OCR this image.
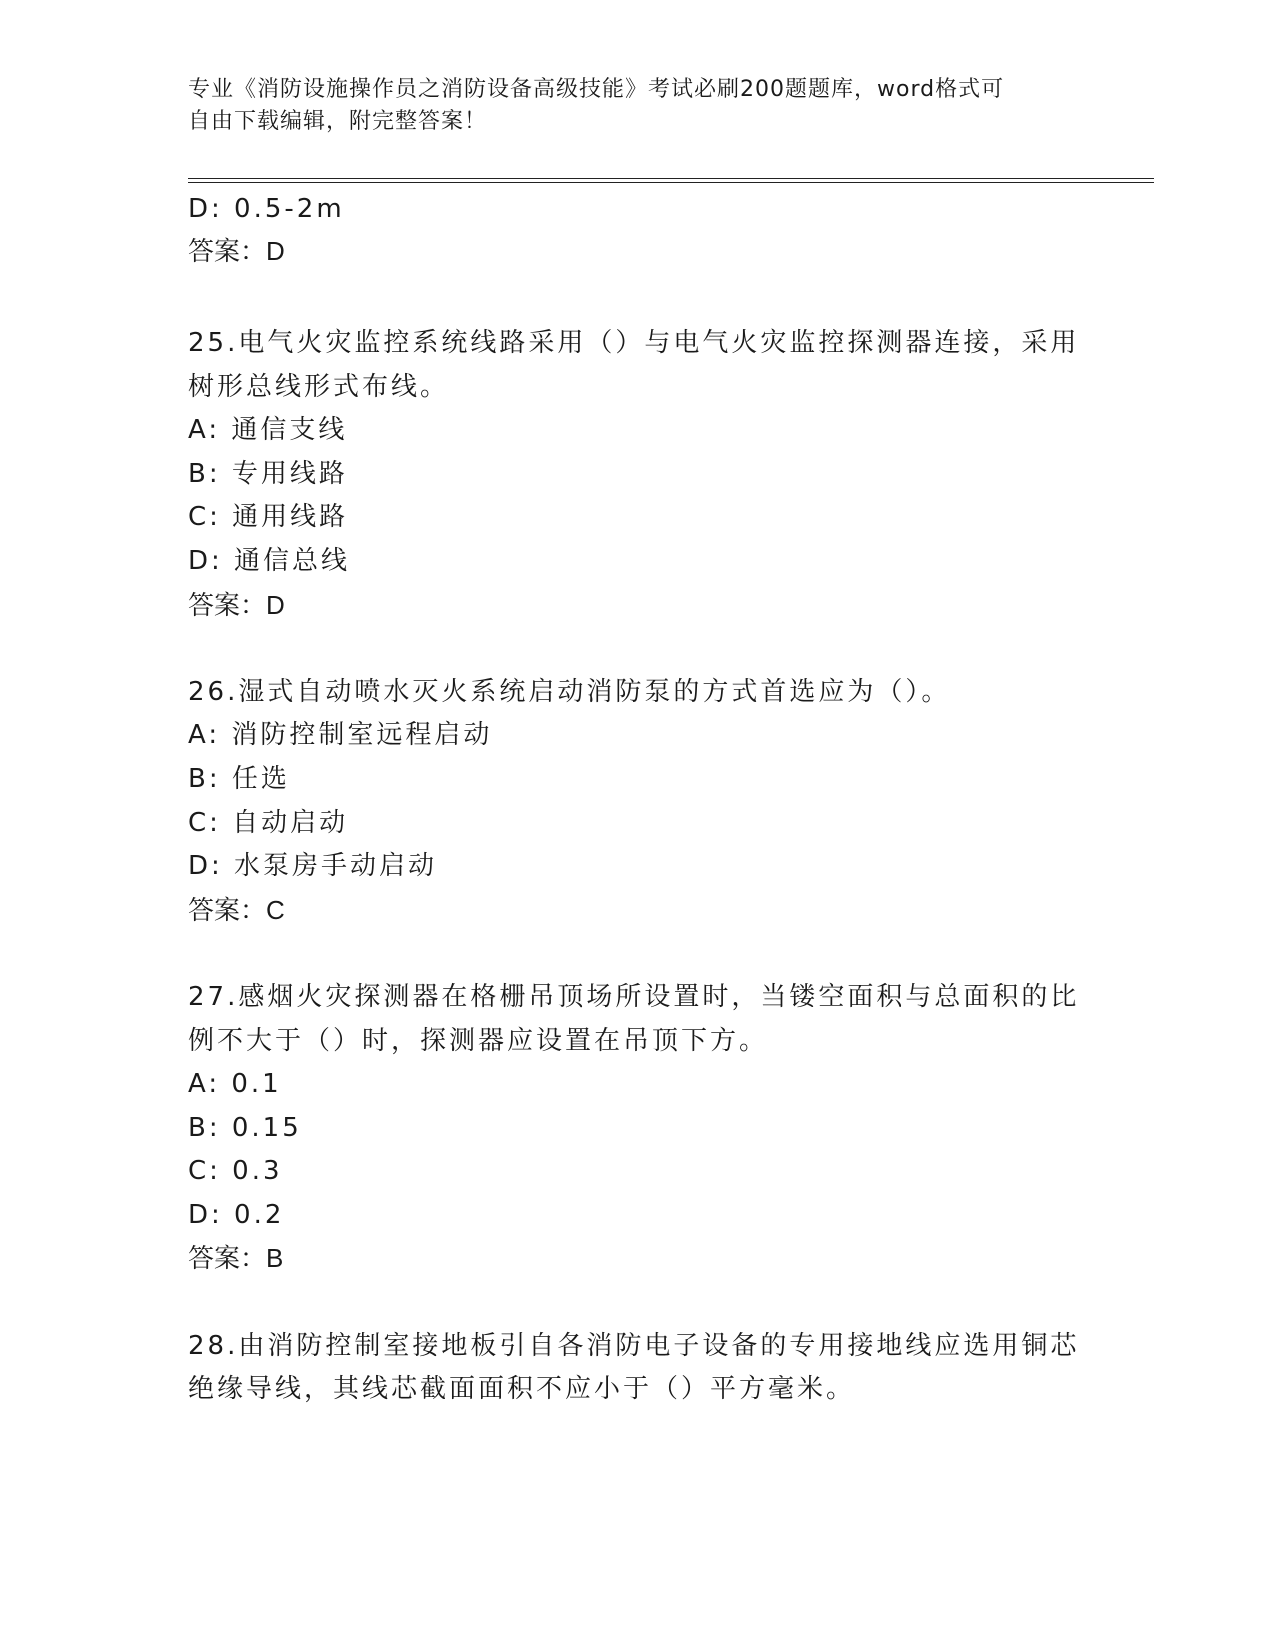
专业《消防设施操作员之消防设备高级技能》考试必刷200题题库，word格式可
自由下载编辑，附完整答案！
D: 0.5-2m
答案：D
25.电气火灾监控系统线路采用（）与电气火灾监控探测器连接，采用
树形总线形式布线。
A: 通信支线
B: 专用线路
C: 通用线路
D: 通信总线
答案：D
26.湿式自动喷水灭火系统启动消防泵的方式首选应为（）。
A: 消防控制室远程启动
B: 任选
C: 自动启动
D: 水泵房手动启动
答案：C
27.感烟火灾探测器在格栅吊顶场所设置时，当镂空面积与总面积的比
例不大于（）时，探测器应设置在吊顶下方。
A: 0.1
B: 0.15
C: 0.3
D: 0.2
答案：B
28.由消防控制室接地板引自各消防电子设备的专用接地线应选用铜芯
绝缘导线，其线芯截面面积不应小于（）平方毫米。
